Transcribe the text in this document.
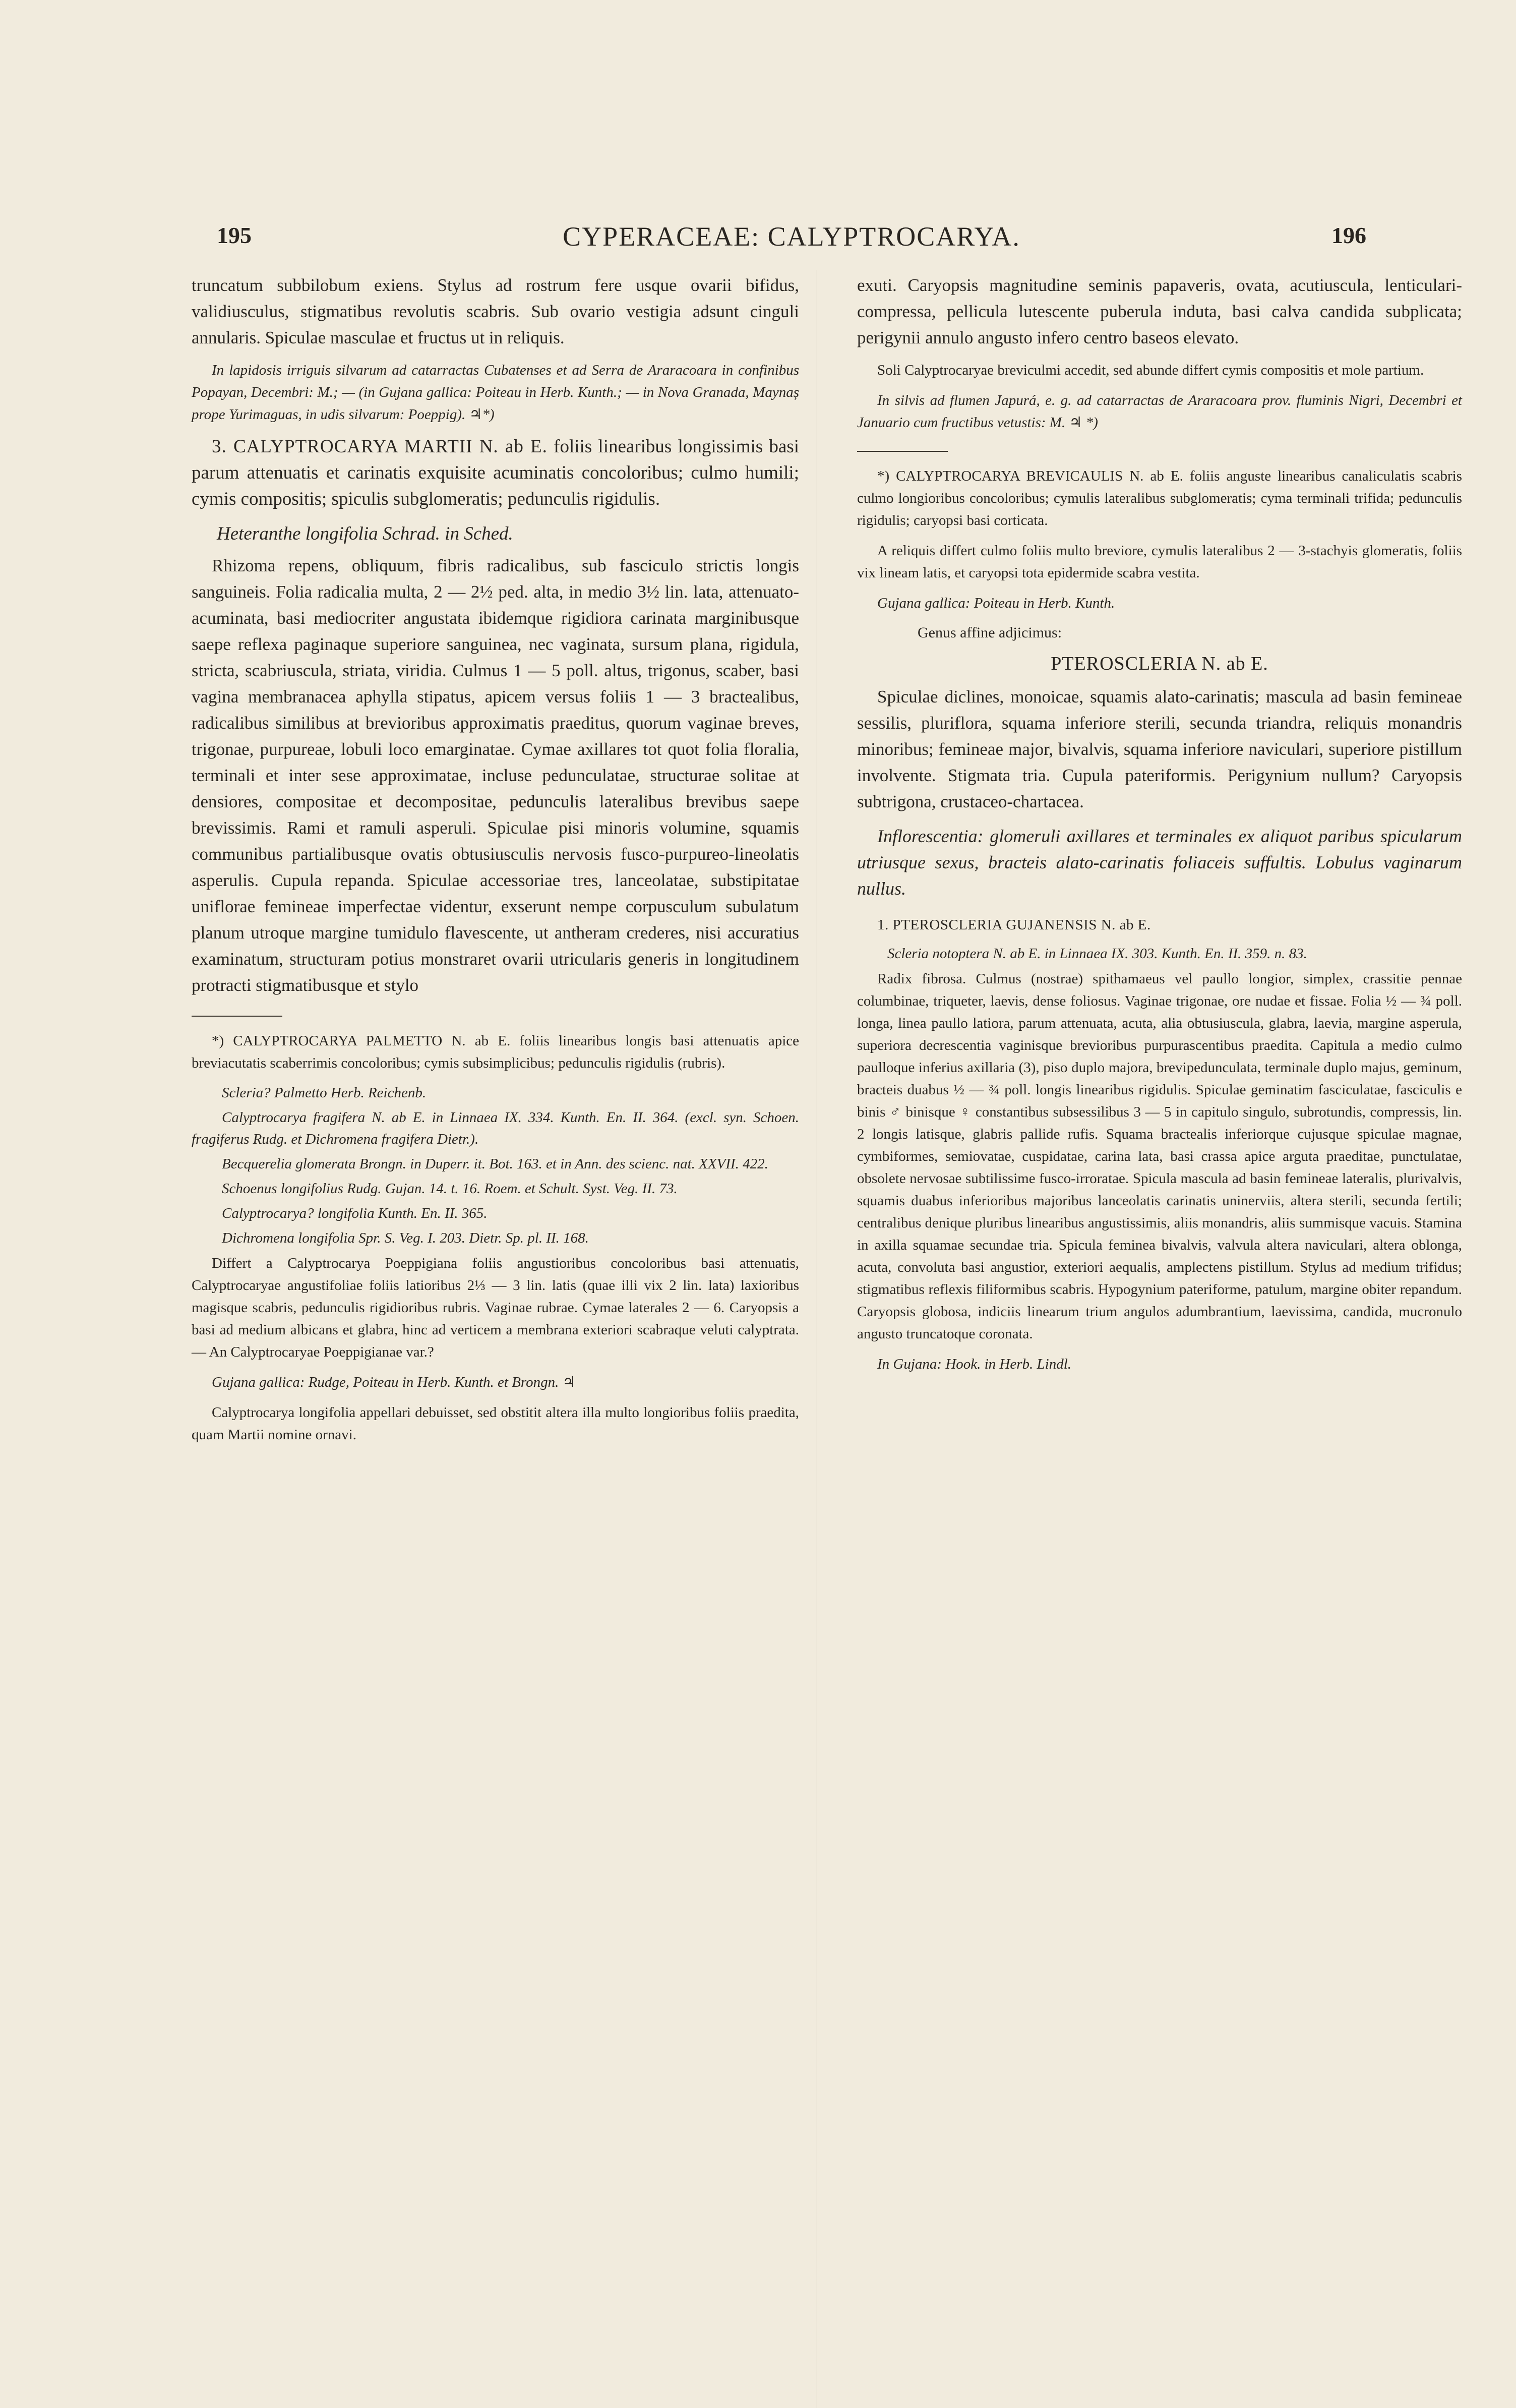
195	CYPERACEAE: CALYPTROCARYA.	196

truncatum subbilobum exiens. Stylus ad rostrum fere usque ovarii bifidus, validiusculus, stigmatibus revolutis scabris. Sub ovario vestigia adsunt cinguli annularis. Spiculae masculae et fructus ut in reliquis.

In lapidosis irriguis silvarum ad catarractas Cubatenses et ad Serra de Araracoara in confinibus Popayan, Decembri: M.; — (in Gujana gallica: Poiteau in Herb. Kunth.; — in Nova Granada, Maynaș prope Yurimaguas, in udis silvarum: Poeppig). ♃*)

3. CALYPTROCARYA MARTII N. ab E. foliis linearibus longissimis basi parum attenuatis et carinatis exquisite acuminatis concoloribus; culmo humili; cymis compositis; spiculis subglomeratis; pedunculis rigidulis.

Heteranthe longifolia Schrad. in Sched.

Rhizoma repens, obliquum, fibris radicalibus, sub fasciculo strictis longis sanguineis. Folia radicalia multa, 2 — 2½ ped. alta, in medio 3½ lin. lata, attenuato-acuminata, basi mediocriter angustata ibidemque rigidiora carinata marginibusque saepe reflexa paginaque superiore sanguinea, nec vaginata, sursum plana, rigidula, stricta, scabriuscula, striata, viridia. Culmus 1 — 5 poll. altus, trigonus, scaber, basi vagina membranacea aphylla stipatus, apicem versus foliis 1 — 3 bractealibus, radicalibus similibus at brevioribus approximatis praeditus, quorum vaginae breves, trigonae, purpureae, lobuli loco emarginatae. Cymae axillares tot quot folia floralia, terminali et inter sese approximatae, incluse pedunculatae, structurae solitae at densiores, compositae et decompositae, pedunculis lateralibus brevibus saepe brevissimis. Rami et ramuli asperuli. Spiculae pisi minoris volumine, squamis communibus partialibusque ovatis obtusiusculis nervosis fusco-purpureo-lineolatis asperulis. Cupula repanda. Spiculae accessoriae tres, lanceolatae, substipitatae uniflorae femineae imperfectae videntur, exserunt nempe corpusculum subulatum planum utroque margine tumidulo flavescente, ut antheram crederes, nisi accuratius examinatum, structuram potius monstraret ovarii utricularis generis in longitudinem protracti stigmatibusque et stylo

*) CALYPTROCARYA PALMETTO N. ab E. foliis linearibus longis basi attenuatis apice breviacutatis scaberrimis concoloribus; cymis subsimplicibus; pedunculis rigidulis (rubris).

Scleria? Palmetto Herb. Reichenb.

Calyptrocarya fragifera N. ab E. in Linnaea IX. 334. Kunth. En. II. 364. (excl. syn. Schoen. fragiferus Rudg. et Dichromena fragifera Dietr.).

Becquerelia glomerata Brongn. in Duperr. it. Bot. 163. et in Ann. des scienc. nat. XXVII. 422.

Schoenus longifolius Rudg. Gujan. 14. t. 16. Roem. et Schult. Syst. Veg. II. 73.

Calyptrocarya? longifolia Kunth. En. II. 365.

Dichromena longifolia Spr. S. Veg. I. 203. Dietr. Sp. pl. II. 168.

Differt a Calyptrocarya Poeppigiana foliis angustioribus concoloribus basi attenuatis, Calyptrocaryae angustifoliae foliis latioribus 2⅓ — 3 lin. latis (quae illi vix 2 lin. lata) laxioribus magisque scabris, pedunculis rigidioribus rubris. Vaginae rubrae. Cymae laterales 2 — 6. Caryopsis a basi ad medium albicans et glabra, hinc ad verticem a membrana exteriori scabraque veluti calyptrata. — An Calyptrocaryae Poeppigianae var.?

Gujana gallica: Rudge, Poiteau in Herb. Kunth. et Brongn. ♃

Calyptrocarya longifolia appellari debuisset, sed obstitit altera illa multo longioribus foliis praedita, quam Martii nomine ornavi.

exuti. Caryopsis magnitudine seminis papaveris, ovata, acutiuscula, lenticulari-compressa, pellicula lutescente puberula induta, basi calva candida subplicata; perigynii annulo angusto infero centro baseos elevato.

Soli Calyptrocaryae breviculmi accedit, sed abunde differt cymis compositis et mole partium.

In silvis ad flumen Japurá, e. g. ad catarractas de Araracoara prov. fluminis Nigri, Decembri et Januario cum fructibus vetustis: M. ♃ *)

*) CALYPTROCARYA BREVICAULIS N. ab E. foliis anguste linearibus canaliculatis scabris culmo longioribus concoloribus; cymulis lateralibus subglomeratis; cyma terminali trifida; pedunculis rigidulis; caryopsi basi corticata.

A reliquis differt culmo foliis multo breviore, cymulis lateralibus 2 — 3-stachyis glomeratis, foliis vix lineam latis, et caryopsi tota epidermide scabra vestita.

Gujana gallica: Poiteau in Herb. Kunth.

Genus affine adjicimus:

PTEROSCLERIA N. ab E.

Spiculae diclines, monoicae, squamis alato-carinatis; mascula ad basin femineae sessilis, pluriflora, squama inferiore sterili, secunda triandra, reliquis monandris minoribus; feminеae major, bivalvis, squama inferiore naviculari, superiore pistillum involvente. Stigmata tria. Cupula pateriformis. Perigynium nullum? Caryopsis subtrigona, crustaceo-chartacea.

Inflorescentia: glomeruli axillares et terminales ex aliquot paribus spicularum utriusque sexus, bracteis alato-carinatis foliaceis suffultis. Lobulus vaginarum nullus.

1. PTEROSCLERIA GUJANENSIS N. ab E.

Scleria notoptera N. ab E. in Linnaea IX. 303. Kunth. En. II. 359. n. 83.

Radix fibrosa. Culmus (nostrae) spithamaeus vel paullo longior, simplex, crassitie pennae columbinae, triqueter, laevis, dense foliosus. Vaginae trigonae, ore nudae et fissae. Folia ½ — ¾ poll. longa, linea paullo latiora, parum attenuata, acuta, alia obtusiuscula, glabra, laevia, margine asperula, superiora decrescentia vaginisque brevioribus purpurascentibus praedita. Capitula a medio culmo paulloque inferius axillaria (3), piso duplo majora, brevipedunculata, terminale duplo majus, geminum, bracteis duabus ½ — ¾ poll. longis linearibus rigidulis. Spiculae geminatim fasciculatae, fasciculis e binis ♂ binisque ♀ constantibus subsessilibus 3 — 5 in capitulo singulo, subrotundis, compressis, lin. 2 longis latisque, glabris pallide rufis. Squama bractealis inferiorque cujusque spiculae magnae, cymbiformes, semiovatae, cuspidatae, carina lata, basi crassa apice arguta praeditae, punctulatae, obsolete nervosae subtilissime fusco-irroratae. Spicula mascula ad basin femineae lateralis, plurivalvis, squamis duabus inferioribus majoribus lanceolatis carinatis uninerviis, altera sterili, secunda fertili; centralibus denique pluribus linearibus angustissimis, aliis monandris, aliis summisque vacuis. Stamina in axilla squamae secundae tria. Spicula feminea bivalvis, valvula altera naviculari, altera oblonga, acuta, convoluta basi angustior, exteriori aequalis, amplectens pistillum. Stylus ad medium trifidus; stigmatibus reflexis filiformibus scabris. Hypogynium pateriforme, patulum, margine obiter repandum. Caryopsis globosa, indiciis linearum trium angulos adumbrantium, laevissima, candida, mucronulo angusto truncatoque coronata.

In Gujana: Hook. in Herb. Lindl.
